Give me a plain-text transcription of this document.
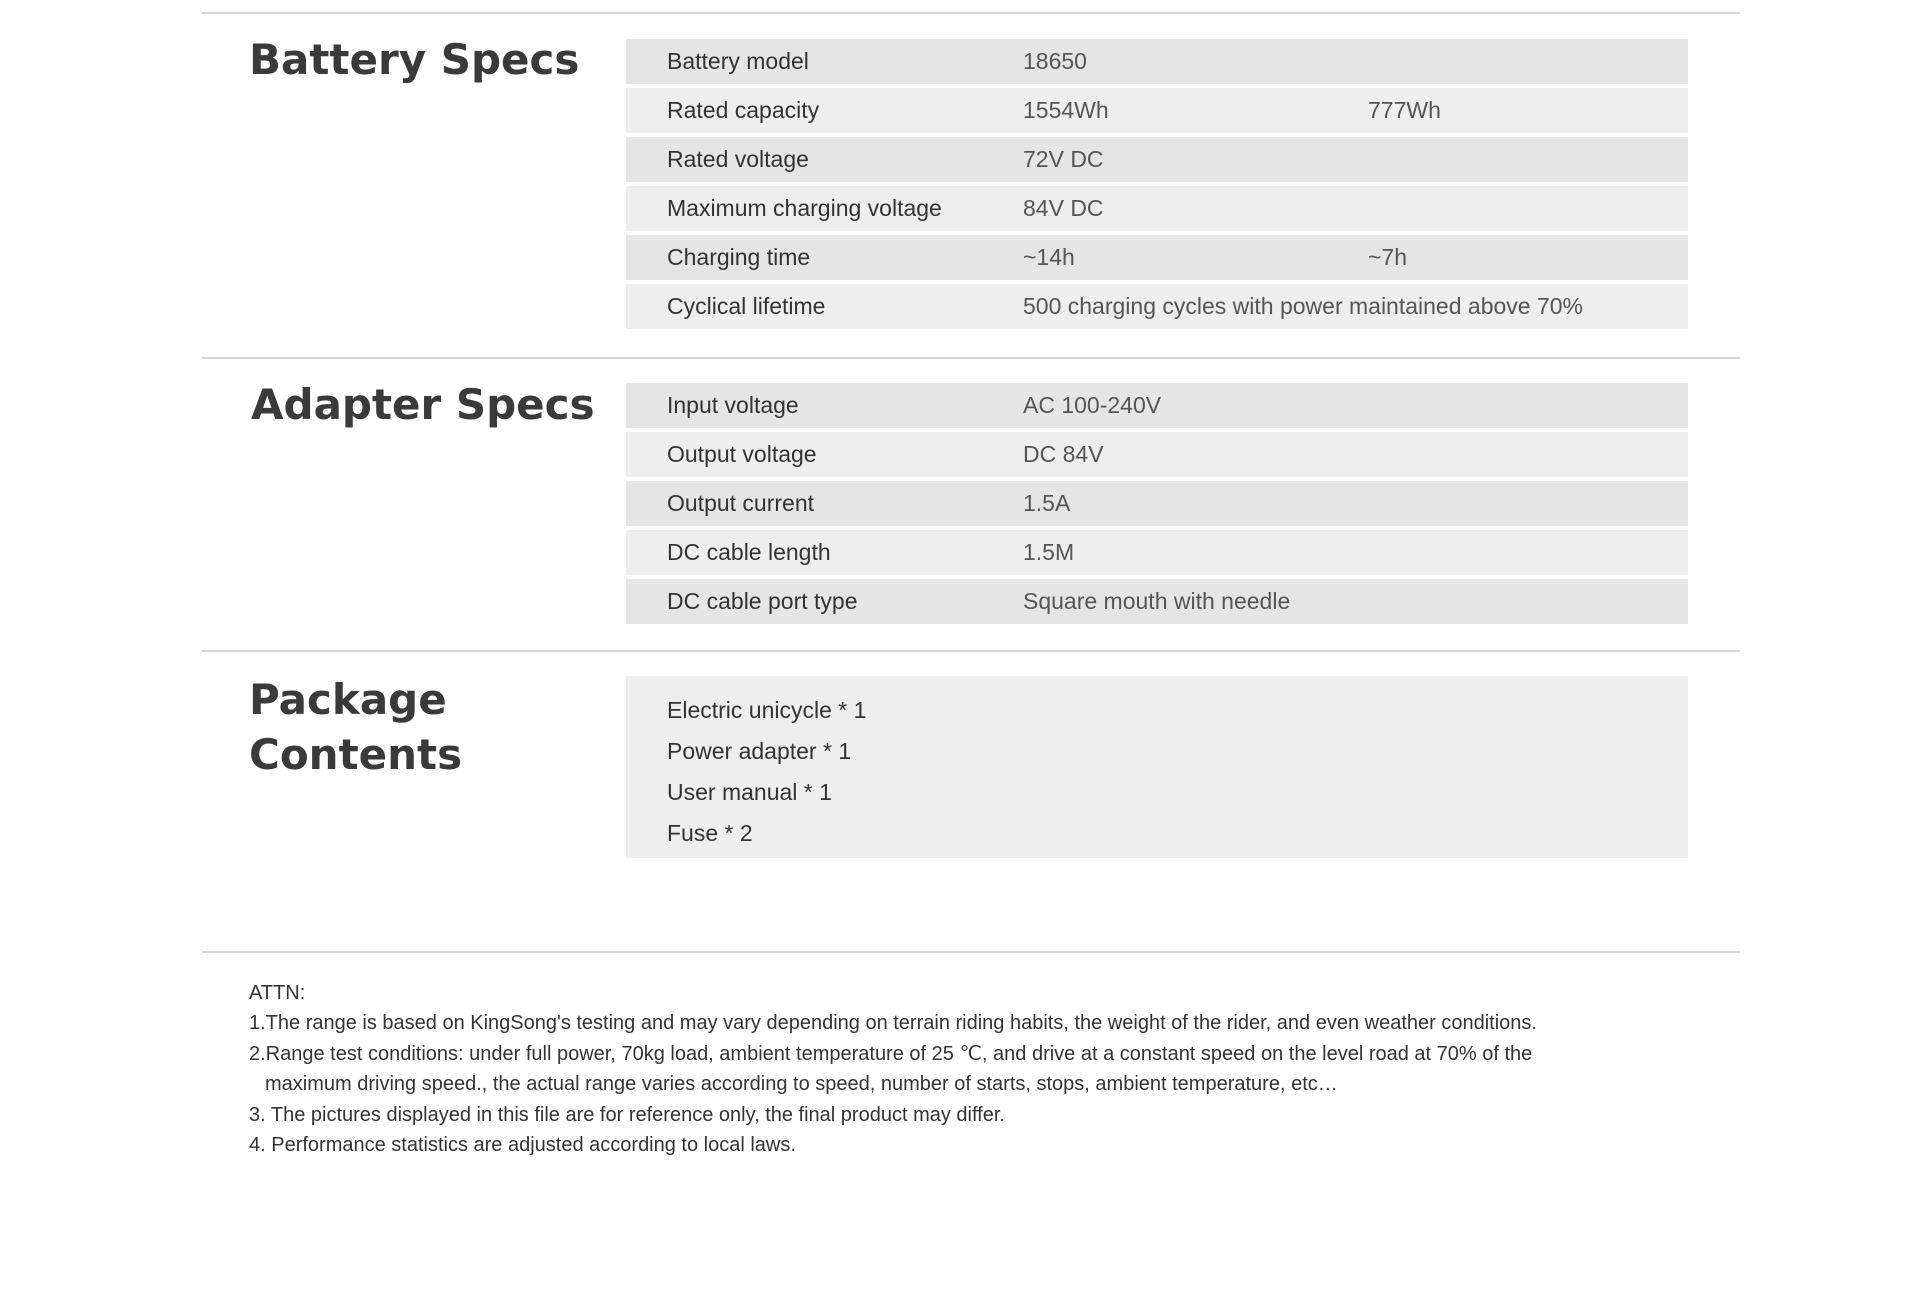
Battery Specs	Battery model	18650
Rated capacity	1554Wh	777Wh
Rated voltage	72V DC
Maximum charging voltage	84V DC
Charging time	~14h	~7h
Cyclical lifetime	500 charging cycles with power maintained above 70%
Adapter Specs	Input voltage	AC 100-240V
Output voltage	DC 84V
Output current	1.5A
DC cable length	1.5M
DC cable port type	Square mouth with needle
Package
Contents
Electric unicycle * 1
Power adapter * 1
User manual * 1
Fuse * 2

ATTN:

1.The range is based on KingSong's testing and may vary depending on terrain riding habits, the weight of the rider, and even weather conditions.

2.Range test conditions: under full power, 70kg load, ambient temperature of 25 ℃, and drive at a constant speed on the level road at 70% of the

maximum driving speed., the actual range varies according to speed, number of starts, stops, ambient temperature, etc…

3. The pictures displayed in this file are for reference only, the final product may differ.

4. Performance statistics are adjusted according to local laws.
